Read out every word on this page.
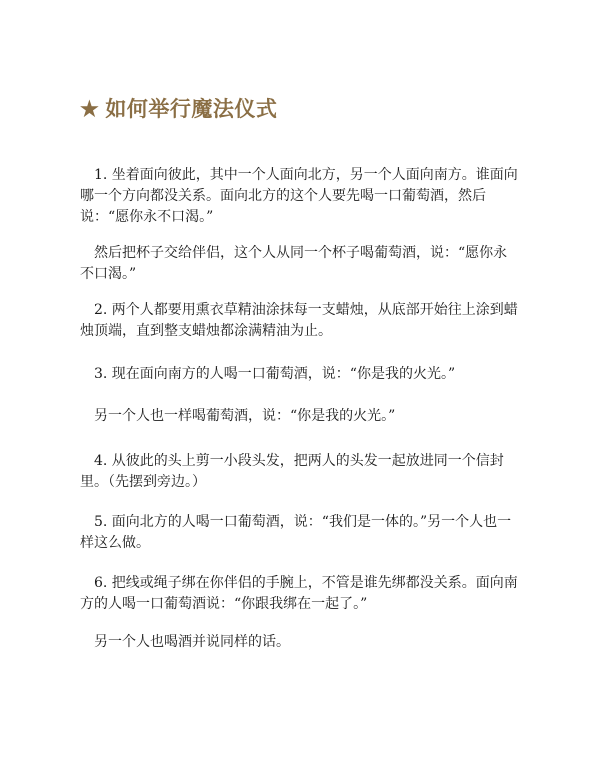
★ 如何举行魔法仪式

1. 坐着面向彼此，其中一个人面向北方，另一个人面向南方。谁面向哪一个方向都没关系。面向北方的这个人要先喝一口葡萄酒，然后说：“愿你永不口渴。”

然后把杯子交给伴侣，这个人从同一个杯子喝葡萄酒，说：“愿你永不口渴。”

2. 两个人都要用熏衣草精油涂抹每一支蜡烛，从底部开始往上涂到蜡烛顶端，直到整支蜡烛都涂满精油为止。

3. 现在面向南方的人喝一口葡萄酒，说：“你是我的火光。”

另一个人也一样喝葡萄酒，说：“你是我的火光。”

4. 从彼此的头上剪一小段头发，把两人的头发一起放进同一个信封里。（先摆到旁边。）

5. 面向北方的人喝一口葡萄酒，说：“我们是一体的。”另一个人也一样这么做。

6. 把线或绳子绑在你伴侣的手腕上，不管是谁先绑都没关系。面向南方的人喝一口葡萄酒说：“你跟我绑在一起了。”

另一个人也喝酒并说同样的话。
